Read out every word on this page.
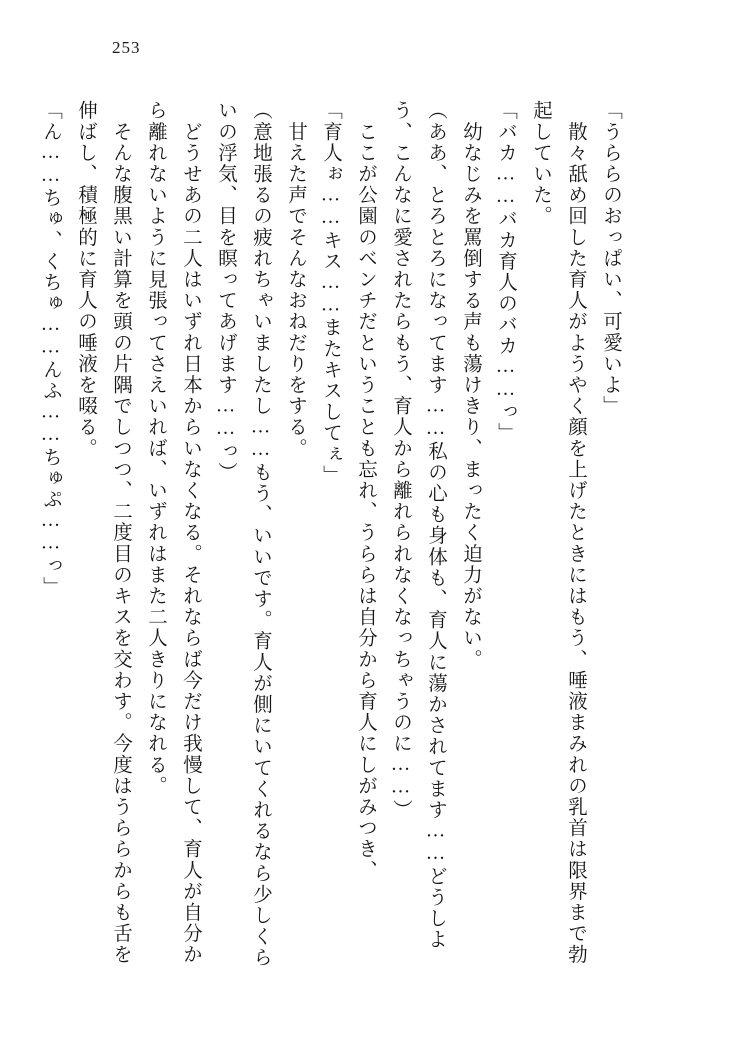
253

「うららのおっぱい、可愛いよ」

　散々舐め回した育人がようやく顔を上げたときにはもう、唾液まみれの乳首は限界まで勃起していた。

「バカ……バカ育人のバカ……っ」

　幼なじみを罵倒する声も蕩けきり、まったく迫力がない。

（ああ、とろとろになってます……私の心も身体も、育人に蕩かされてます……どうしよう、こんなに愛されたらもう、育人から離れられなくなっちゃうのに……）

　ここが公園のベンチだということも忘れ、うららは自分から育人にしがみつき、

「育人ぉ……キス……またキスしてぇ」

　甘えた声でそんなおねだりをする。

（意地張るの疲れちゃいましたし……もう、いいです。育人が側にいてくれるなら少しくらいの浮気、目を瞑ってあげます……っ）

　どうせあの二人はいずれ日本からいなくなる。それならば今だけ我慢して、育人が自分から離れないように見張ってさえいれば、いずれはまた二人きりになれる。

　そんな腹黒い計算を頭の片隅でしつつ、二度目のキスを交わす。今度はうららからも舌を伸ばし、積極的に育人の唾液を啜る。

「ん……ちゅ、くちゅ……んふ……ちゅぷ……っ」
